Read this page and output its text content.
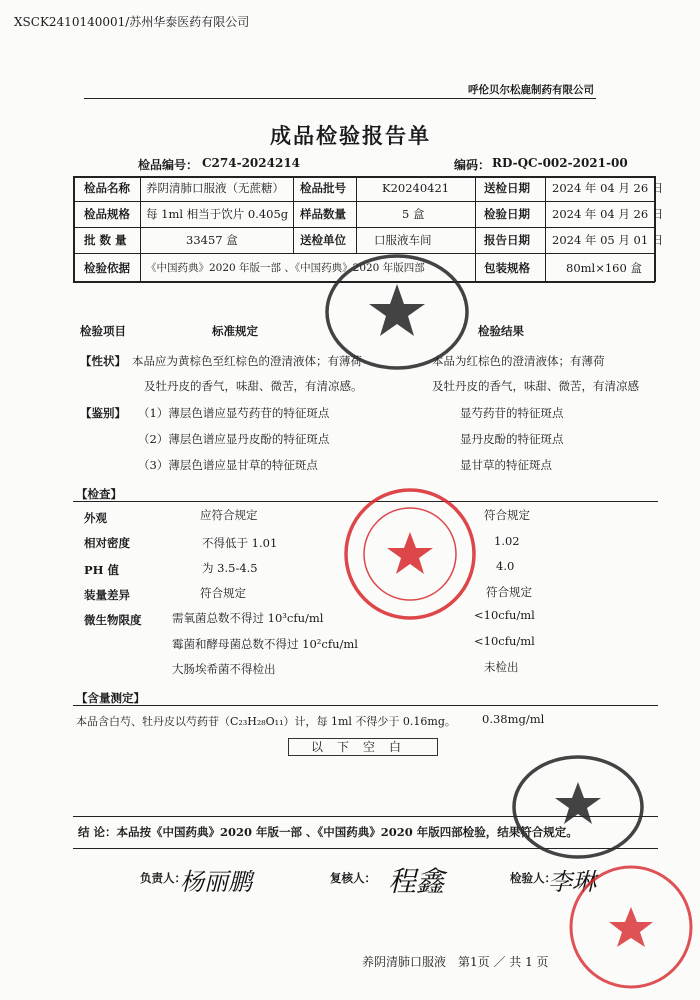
XSCK2410140001/苏州华泰医药有限公司
呼伦贝尔松鹿制药有限公司
成品检验报告单
检品编号： C274-2024214	编码： RD-QC-002-2021-00
检品名称 养阴清肺口服液（无蔗糖） 检品批号	K20240421	送检日期 2024 年 04 月 26 日
检品规格 每 1ml 相当于饮片 0.405g 样品数量	5 盒	检验日期 2024 年 04 月 26 日
批 数 量	33457 盒	送检单位 口服液车间	报告日期 2024 年 05 月 01 日
检验依据 《中国药典》2020 年版一部 、《中国药典》2020 年版四部	包装规格	80ml×160 盒
检验项目	标准规定	检验结果
【性状】 本品应为黄棕色至红棕色的澄清液体；有薄荷	本品为红棕色的澄清液体；有薄荷
及牡丹皮的香气，味甜、微苦，有清凉感。	及牡丹皮的香气，味甜、微苦，有清凉感
【鉴别】 （1）薄层色谱应显芍药苷的特征斑点	显芍药苷的特征斑点
（2）薄层色谱应显丹皮酚的特征斑点	显丹皮酚的特征斑点
（3）薄层色谱应显甘草的特征斑点	显甘草的特征斑点
【检查】
外观	应符合规定	符合规定
相对密度	不得低于 1.01	1.02
PH 值	为 3.5-4.5	4.0
装量差异	符合规定	符合规定
微生物限度	需氧菌总数不得过 10³cfu/ml	<10cfu/ml
霉菌和酵母菌总数不得过 10²cfu/ml	<10cfu/ml
大肠埃希菌不得检出	未检出
【含量测定】
本品含白芍、牡丹皮以芍药苷（C₂₃H₂₈O₁₁）计，每 1ml 不得少于 0.16mg。 0.38mg/ml
以下空白
结 论：本品按《中国药典》2020 年版一部 、《中国药典》2020 年版四部检验，结果符合规定。
负责人：
杨丽鹏	复核人： 程鑫	检验人：
李琳
养阴清肺口服液　第1页 ／ 共 1 页
